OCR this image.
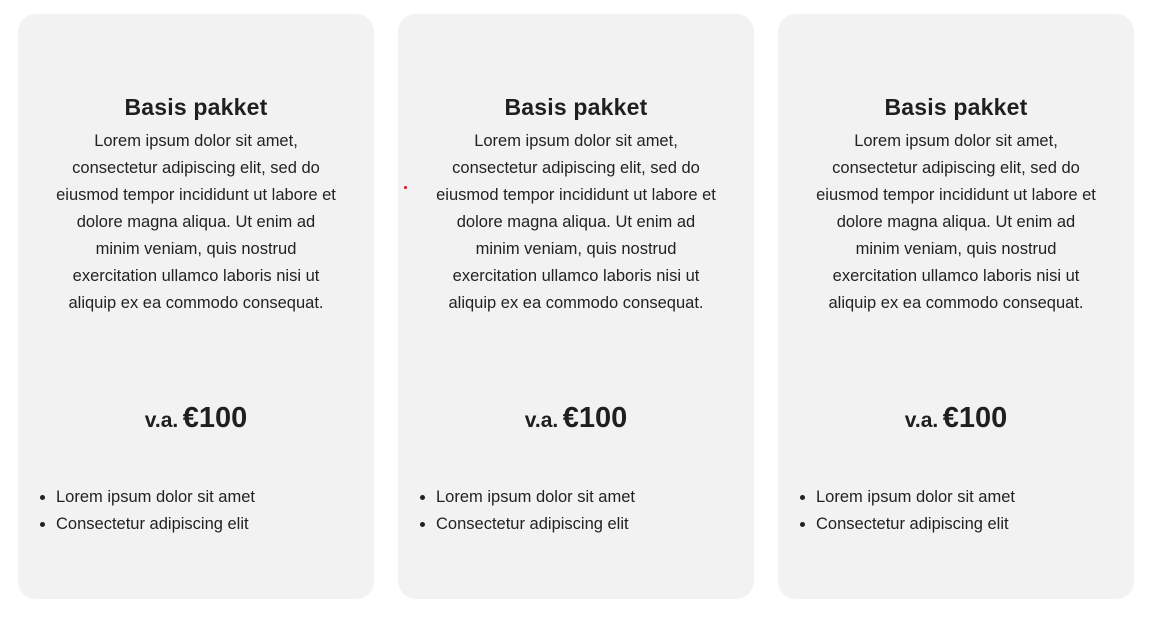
Basis pakket

Lorem ipsum dolor sit amet, consectetur adipiscing elit, sed do eiusmod tempor incididunt ut labore et dolore magna aliqua. Ut enim ad minim veniam, quis nostrud exercitation ullamco laboris nisi ut aliquip ex ea commodo consequat.

v.a. €100

• Lorem ipsum dolor sit amet
• Consectetur adipiscing elit
Basis pakket

Lorem ipsum dolor sit amet, consectetur adipiscing elit, sed do eiusmod tempor incididunt ut labore et dolore magna aliqua. Ut enim ad minim veniam, quis nostrud exercitation ullamco laboris nisi ut aliquip ex ea commodo consequat.

v.a. €100

• Lorem ipsum dolor sit amet
• Consectetur adipiscing elit
Basis pakket

Lorem ipsum dolor sit amet, consectetur adipiscing elit, sed do eiusmod tempor incididunt ut labore et dolore magna aliqua. Ut enim ad minim veniam, quis nostrud exercitation ullamco laboris nisi ut aliquip ex ea commodo consequat.

v.a. €100

• Lorem ipsum dolor sit amet
• Consectetur adipiscing elit
